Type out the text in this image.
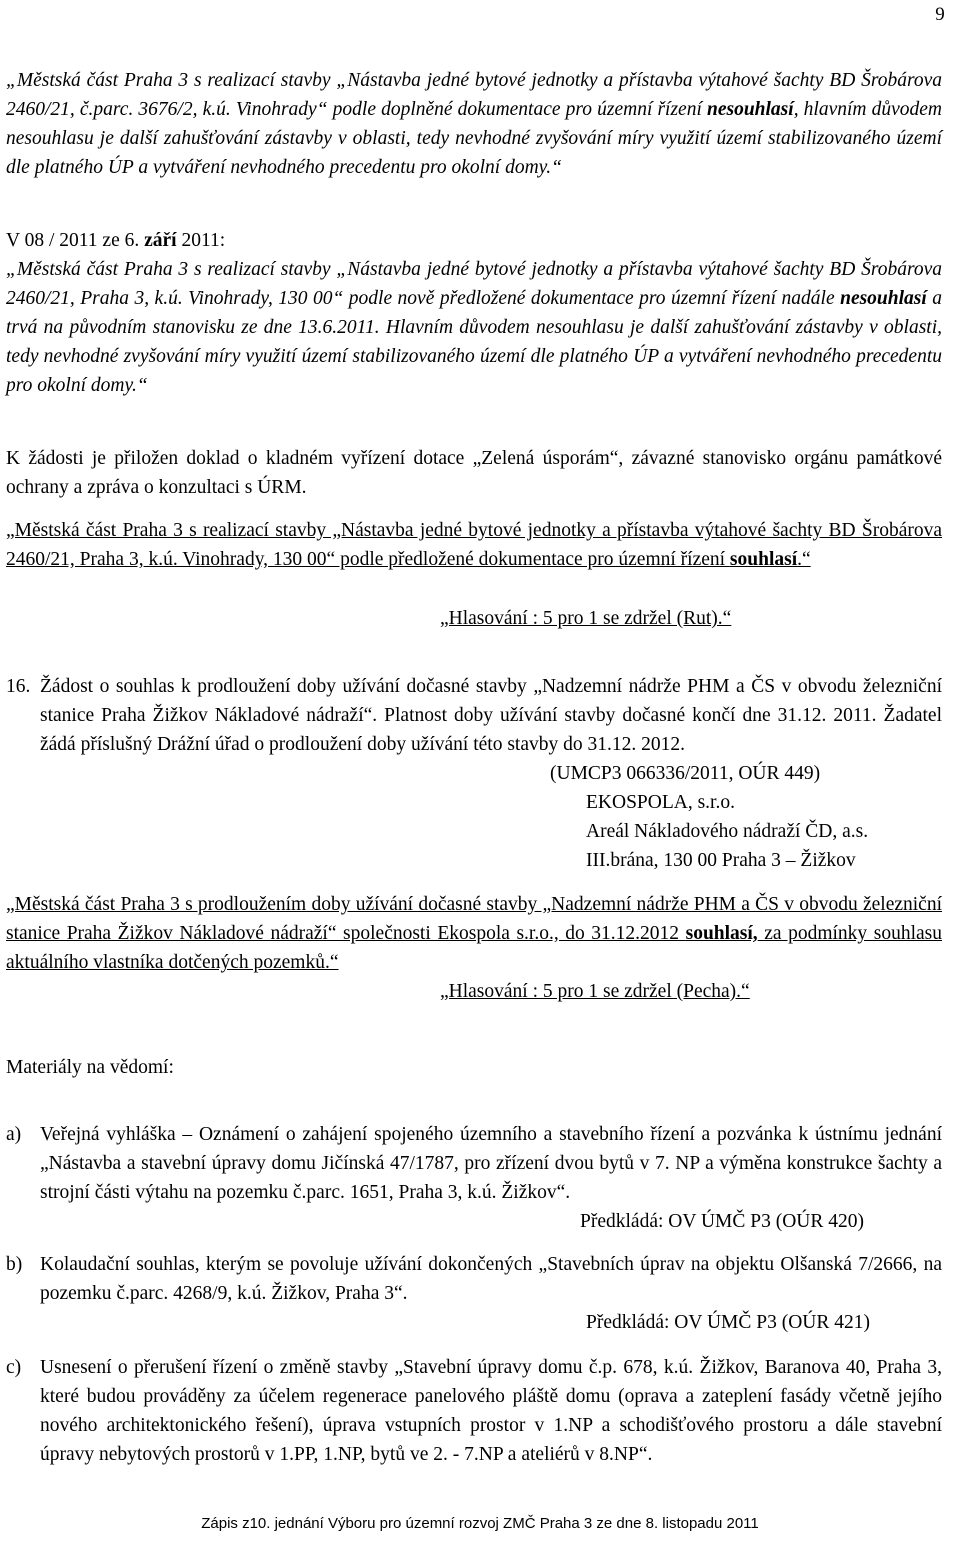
9
„Městská část Praha 3 s realizací stavby „Nástavba jedné bytové jednotky a přístavba výtahové šachty BD Šrobárova 2460/21, č.parc. 3676/2, k.ú. Vinohrady“ podle doplněné dokumentace pro územní řízení nesouhlasí, hlavním důvodem nesouhlasu je další zahušťování zástavby v oblasti, tedy nevhodné zvyšování míry využití území stabilizovaného území dle platného ÚP a vytváření nevhodného precedentu pro okolní domy.“
V 08 / 2011 ze 6. září 2011:
„Městská část Praha 3 s realizací stavby „Nástavba jedné bytové jednotky a přístavba výtahové šachty BD Šrobárova 2460/21, Praha 3, k.ú. Vinohrady, 130 00“ podle nově předložené dokumentace pro územní řízení nadále nesouhlasí a trvá na původním stanovisku ze dne 13.6.2011. Hlavním důvodem nesouhlasu je další zahušťování zástavby v oblasti, tedy nevhodné zvyšování míry využití území stabilizovaného území dle platného ÚP a vytváření nevhodného precedentu pro okolní domy.“
K žádosti je přiložen doklad o kladném vyřízení dotace „Zelená úsporám“, závazné stanovisko orgánu památkové ochrany a zpráva o konzultaci s ÚRM.
„Městská část Praha 3 s realizací stavby „Nástavba jedné bytové jednotky a přístavba výtahové šachty BD Šrobárova 2460/21, Praha 3, k.ú. Vinohrady, 130 00“ podle předložené dokumentace pro územní řízení souhlasí.“
„Hlasování : 5 pro 1 se zdržel (Rut).“
16. Žádost o souhlas k prodloužení doby užívání dočasné stavby „Nadzemní nádrže PHM a ČS v obvodu železniční stanice Praha Žižkov Nákladové nádraží“. Platnost doby užívání stavby dočasné končí dne 31.12. 2011. Žadatel žádá příslušný Drážní úřad o prodloužení doby užívání této stavby do 31.12. 2012.
(UMCP3 066336/2011, OÚR 449)
EKOSPOLA, s.r.o.
Areál Nákladového nádraží ČD, a.s.
III.brána, 130 00 Praha 3 – Žižkov
„Městská část Praha 3 s prodloužením doby užívání dočasné stavby „Nadzemní nádrže PHM a ČS v obvodu železniční stanice Praha Žižkov Nákladové nádraží“ společnosti Ekospola s.r.o., do 31.12.2012 souhlasí, za podmínky souhlasu aktuálního vlastníka dotčených pozemků.“
„Hlasování : 5 pro 1 se zdržel (Pecha).“
Materiály na vědomí:
a) Veřejná vyhláška – Oznámení o zahájení spojeného územního a stavebního řízení a pozvánka k ústnímu jednání „Nástavba a stavební úpravy domu Jičínská 47/1787, pro zřízení dvou bytů v 7. NP a výměna konstrukce šachty a strojní části výtahu na pozemku č.parc. 1651, Praha 3, k.ú. Žižkov“.
Předkládá: OV ÚMČ P3 (OÚR 420)
b) Kolaudační souhlas, kterým se povoluje užívání dokončených „Stavebních úprav na objektu Olšanská 7/2666, na pozemku č.parc. 4268/9, k.ú. Žižkov, Praha 3“.
Předkládá: OV ÚMČ P3 (OÚR 421)
c) Usnesení o přerušení řízení o změně stavby „Stavební úpravy domu č.p. 678, k.ú. Žižkov, Baranova 40, Praha 3, které budou prováděny za účelem regenerace panelového pláště domu (oprava a zateplení fasády včetně jejího nového architektonického řešení), úprava vstupních prostor v 1.NP a schodišťového prostoru a dále stavební úpravy nebytových prostorů v 1.PP, 1.NP, bytů ve 2. - 7.NP a ateliérů v 8.NP“.
Zápis z10. jednání Výboru pro územní rozvoj ZMČ Praha 3 ze dne 8. listopadu 2011
